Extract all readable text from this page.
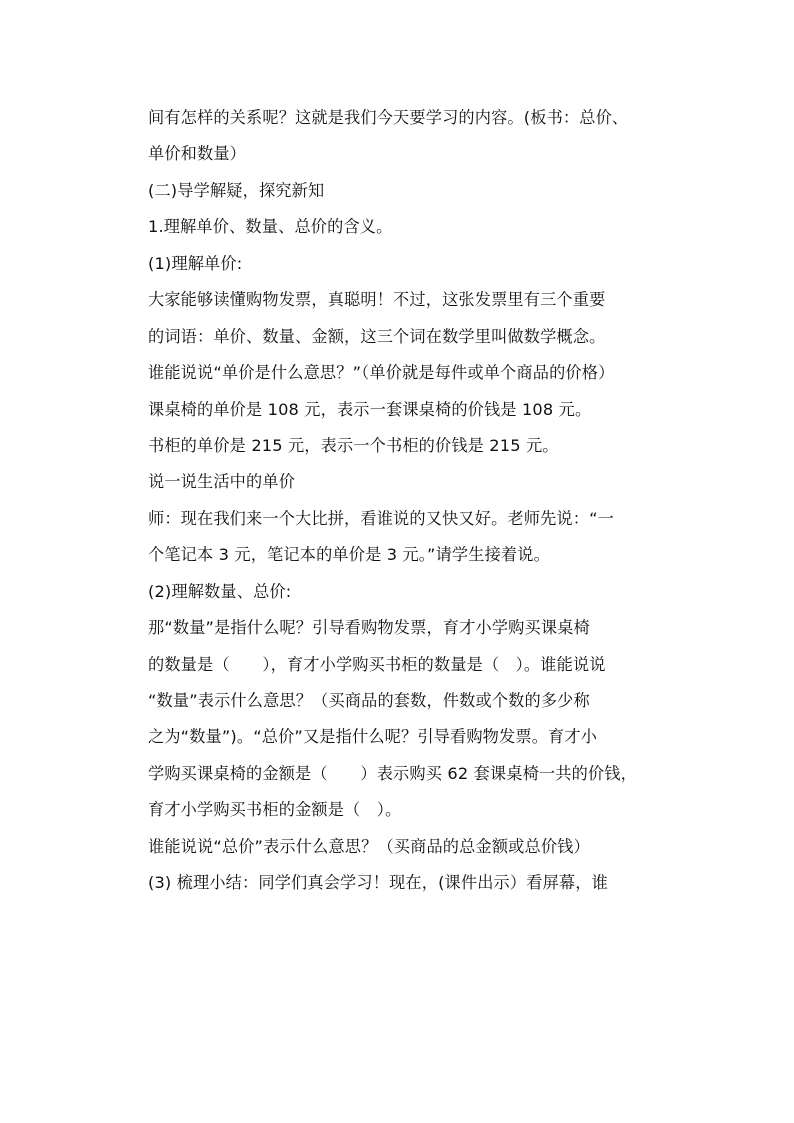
间有怎样的关系呢？这就是我们今天要学习的内容。(板书：总价、
单价和数量）
(二)导学解疑，探究新知
1.理解单价、数量、总价的含义。
(1)理解单价:
大家能够读懂购物发票，真聪明！不过，这张发票里有三个重要
的词语：单价、数量、金额，这三个词在数学里叫做数学概念。
谁能说说“单价是什么意思？”（单价就是每件或单个商品的价格）
课桌椅的单价是 108 元，表示一套课桌椅的价钱是 108 元。
书柜的单价是 215 元，表示一个书柜的价钱是 215 元。
说一说生活中的单价
师：现在我们来一个大比拼，看谁说的又快又好。老师先说：“一
个笔记本 3 元，笔记本的单价是 3 元。”请学生接着说。
(2)理解数量、总价:
那“数量”是指什么呢？引导看购物发票，育才小学购买课桌椅
的数量是（　　），育才小学购买书柜的数量是（　）。谁能说说
“数量”表示什么意思？（买商品的套数，件数或个数的多少称
之为“数量”)。“总价”又是指什么呢？引导看购物发票。育才小
学购买课桌椅的金额是（　　）表示购买 62 套课桌椅一共的价钱，
育才小学购买书柜的金额是（　）。
谁能说说“总价”表示什么意思？（买商品的总金额或总价钱）
(3) 梳理小结：同学们真会学习！现在，(课件出示）看屏幕，谁
